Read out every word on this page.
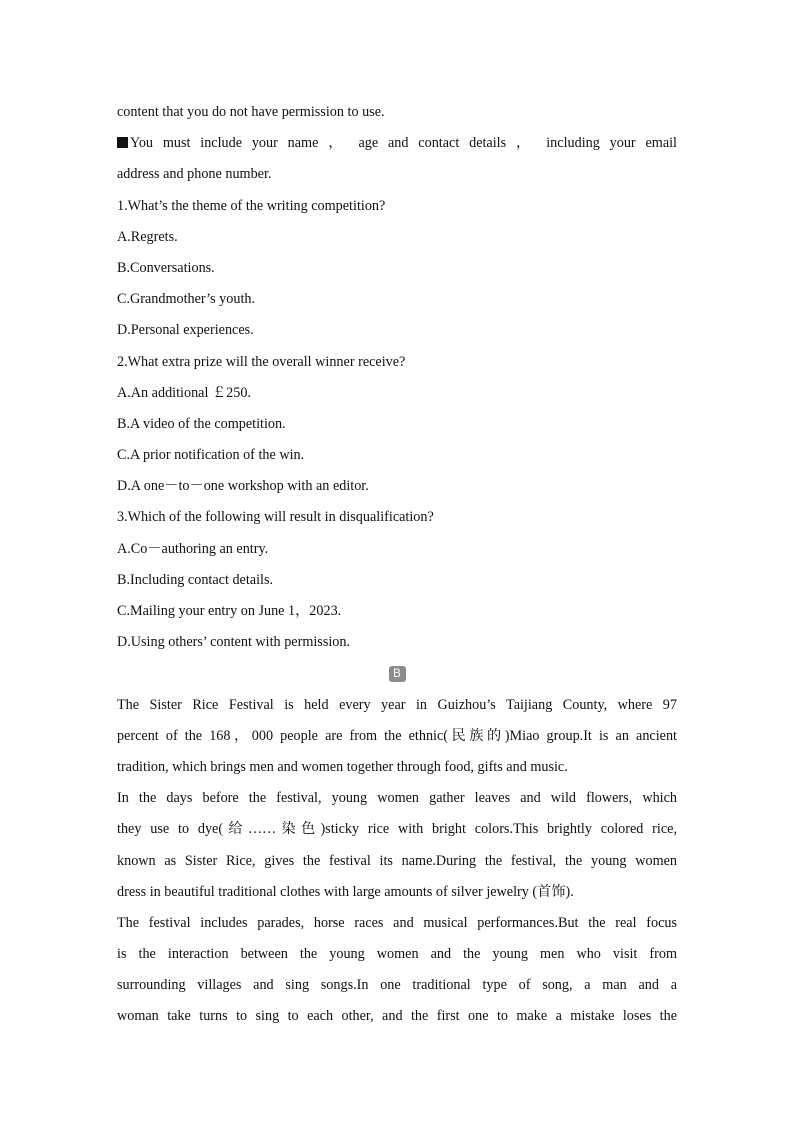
content that you do not have permission to use.
You must include your name ， age and contact details ， including your email
address and phone number.
1.What’s the theme of the writing competition?
A.Regrets.
B.Conversations.
C.Grandmother’s youth.
D.Personal experiences.
2.What extra prize will the overall winner receive?
A.An additional ￡250.
B.A video of the competition.
C.A prior notification of the win.
D.A one－to－one workshop with an editor.
3.Which of the following will result in disqualification?
A.Co－authoring an entry.
B.Including contact details.
C.Mailing your entry on June 1，2023.
D.Using others’ content with permission.
B
The Sister Rice Festival is held every year in Guizhou’s Taijiang County, where 97
percent of the 168，000 people are from the ethnic(民族的)Miao group.It is an ancient
tradition, which brings men and women together through food, gifts and music.
In the days before the festival, young women gather leaves and wild flowers, which
they use to dye(给……染色)sticky rice with bright colors.This brightly colored rice,
known as Sister Rice, gives the festival its name.During the festival, the young women
dress in beautiful traditional clothes with large amounts of silver jewelry (首饰).
The festival includes parades, horse races and musical performances.But the real focus
is the interaction between the young women and the young men who visit from
surrounding villages and sing songs.In one traditional type of song, a man and a
woman take turns to sing to each other, and the first one to make a mistake loses the
